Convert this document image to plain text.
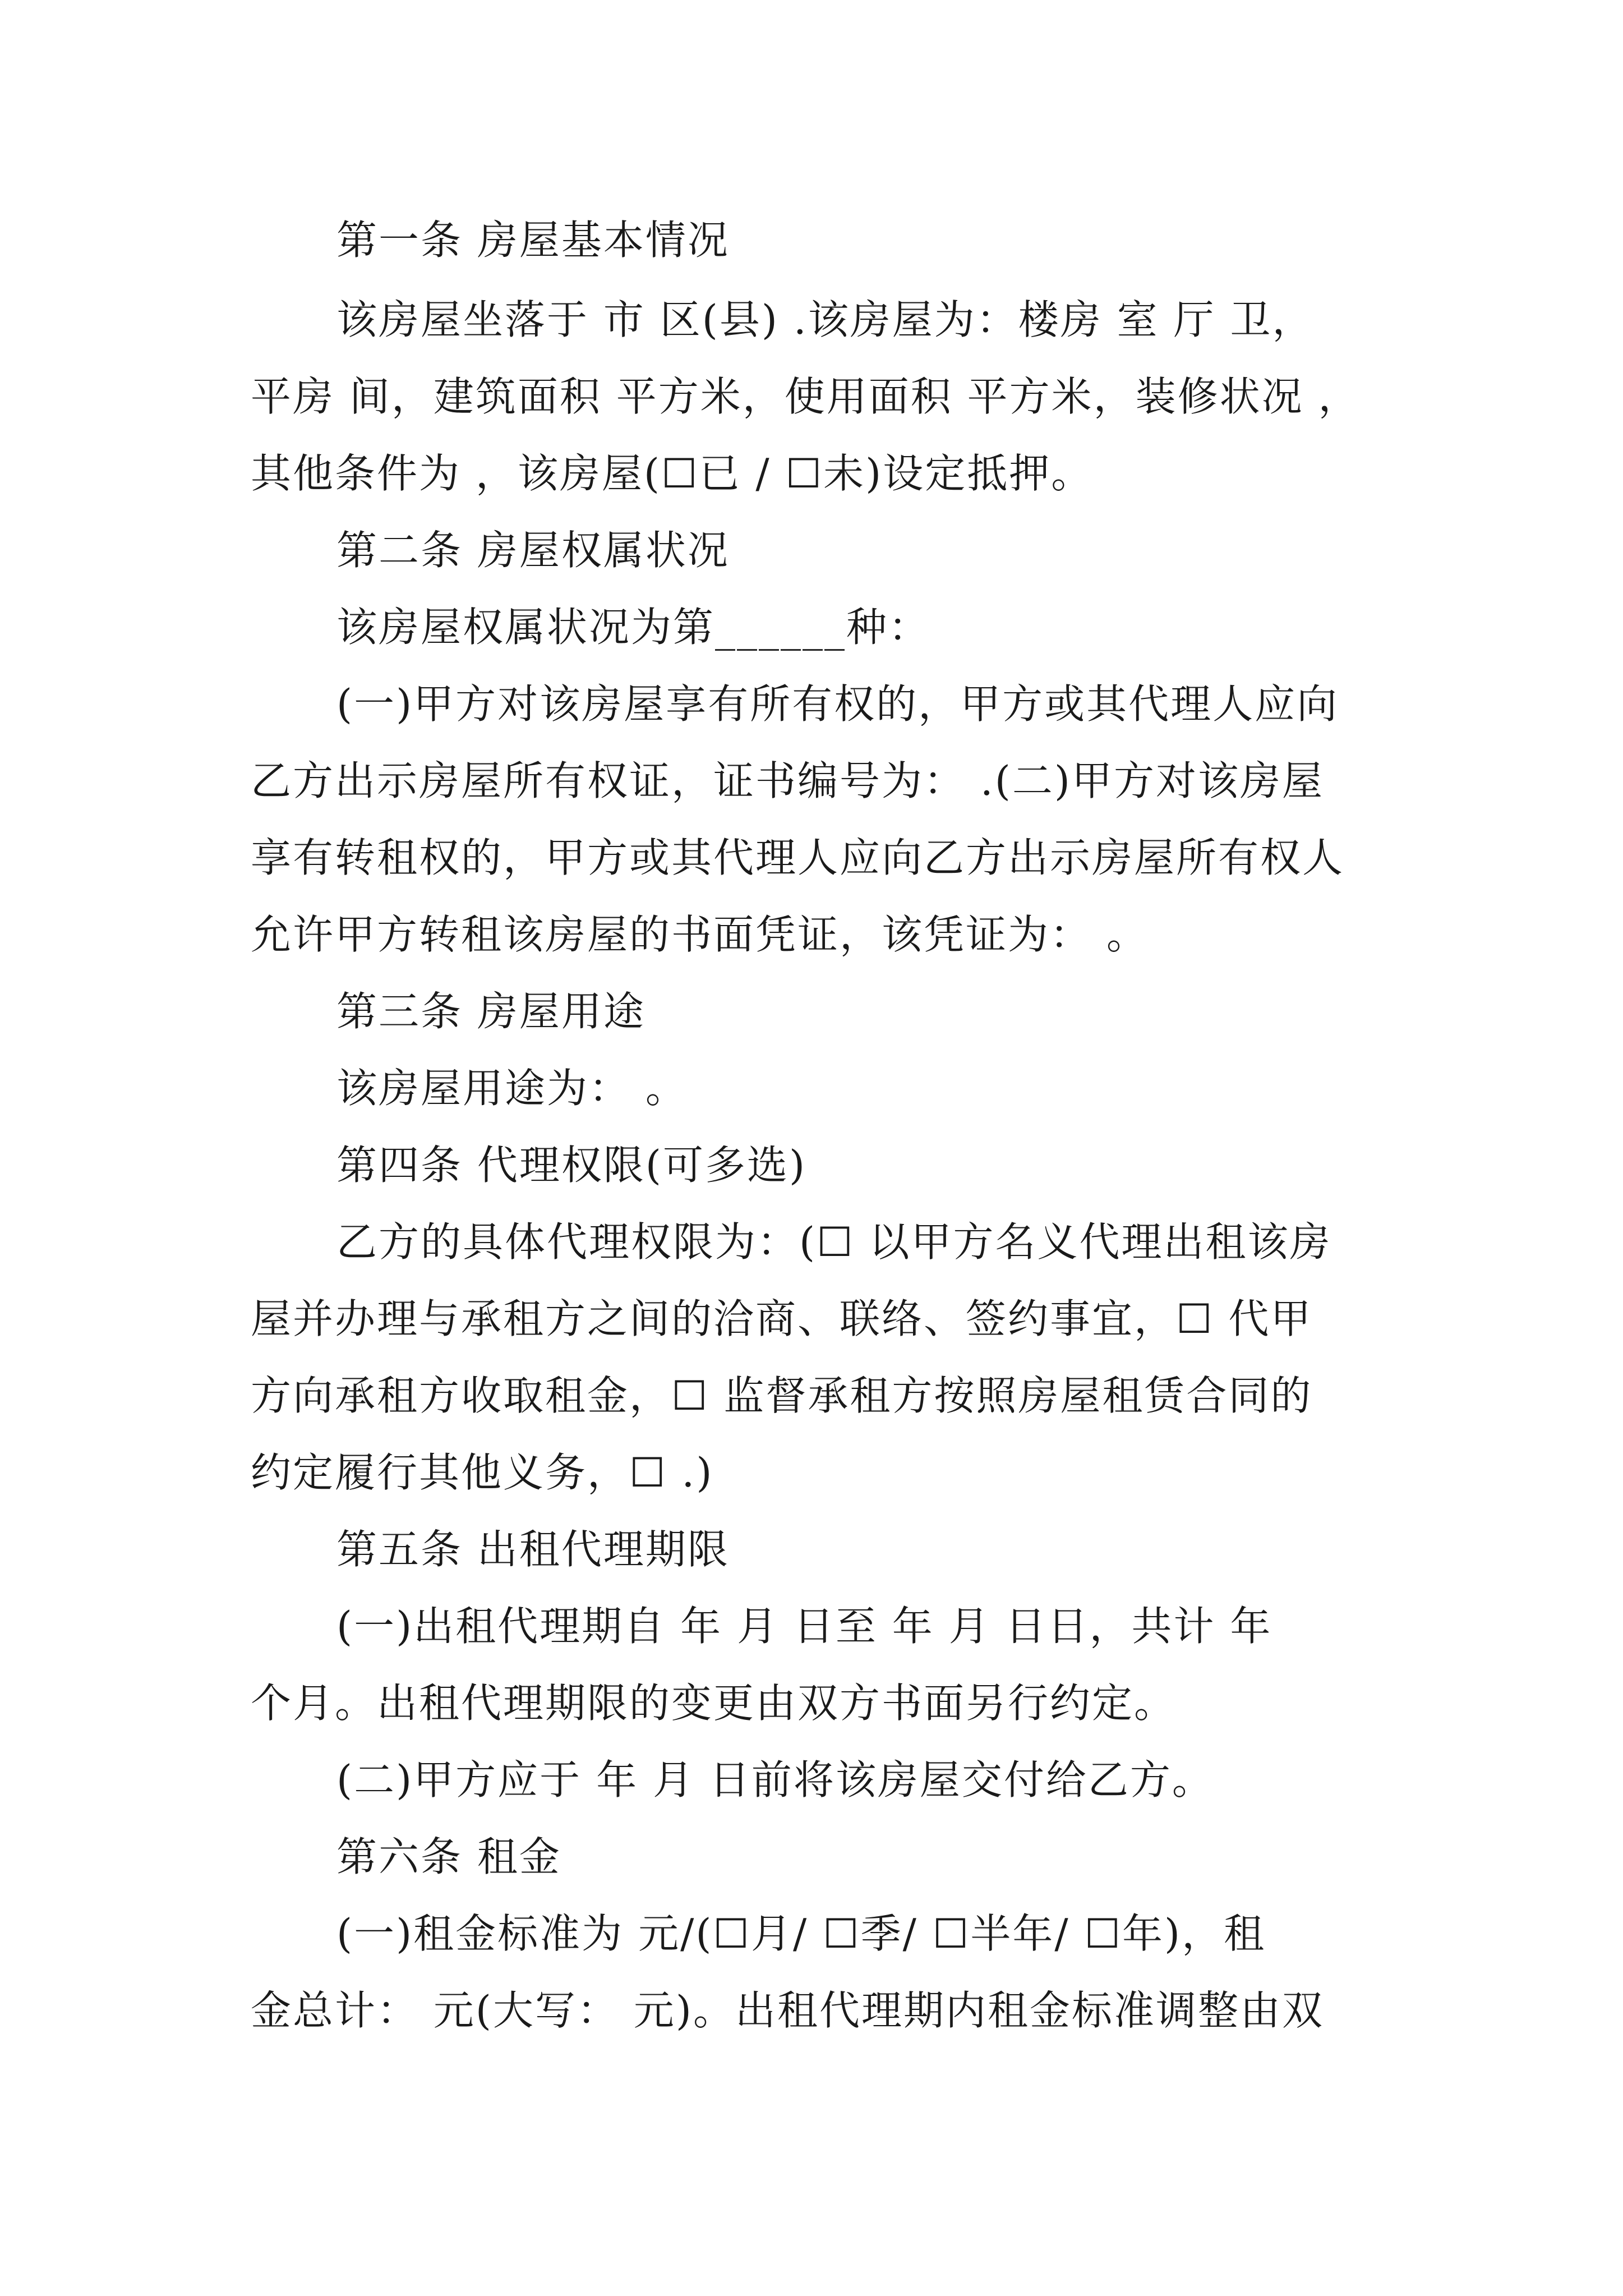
第一条 房屋基本情况
该房屋坐落于 市 区(县) .该房屋为：楼房 室 厅 卫，
平房 间，建筑面积 平方米，使用面积 平方米，装修状况 ，
其他条件为 ，该房屋(☐已 / ☐未)设定抵押。
第二条 房屋权属状况
该房屋权属状况为第______种：
(一)甲方对该房屋享有所有权的，甲方或其代理人应向
乙方出示房屋所有权证，证书编号为： .(二)甲方对该房屋
享有转租权的，甲方或其代理人应向乙方出示房屋所有权人
允许甲方转租该房屋的书面凭证，该凭证为： 。
第三条 房屋用途
该房屋用途为： 。
第四条 代理权限(可多选)
乙方的具体代理权限为：(☐ 以甲方名义代理出租该房
屋并办理与承租方之间的洽商、联络、签约事宜，☐ 代甲
方向承租方收取租金，☐ 监督承租方按照房屋租赁合同的
约定履行其他义务，☐ .)
第五条 出租代理期限
(一)出租代理期自 年 月 日至 年 月 日日，共计 年
个月。出租代理期限的变更由双方书面另行约定。
(二)甲方应于 年 月 日前将该房屋交付给乙方。
第六条 租金
(一)租金标准为 元/(☐月/ ☐季/ ☐半年/ ☐年)，租
金总计： 元(大写： 元)。出租代理期内租金标准调整由双
